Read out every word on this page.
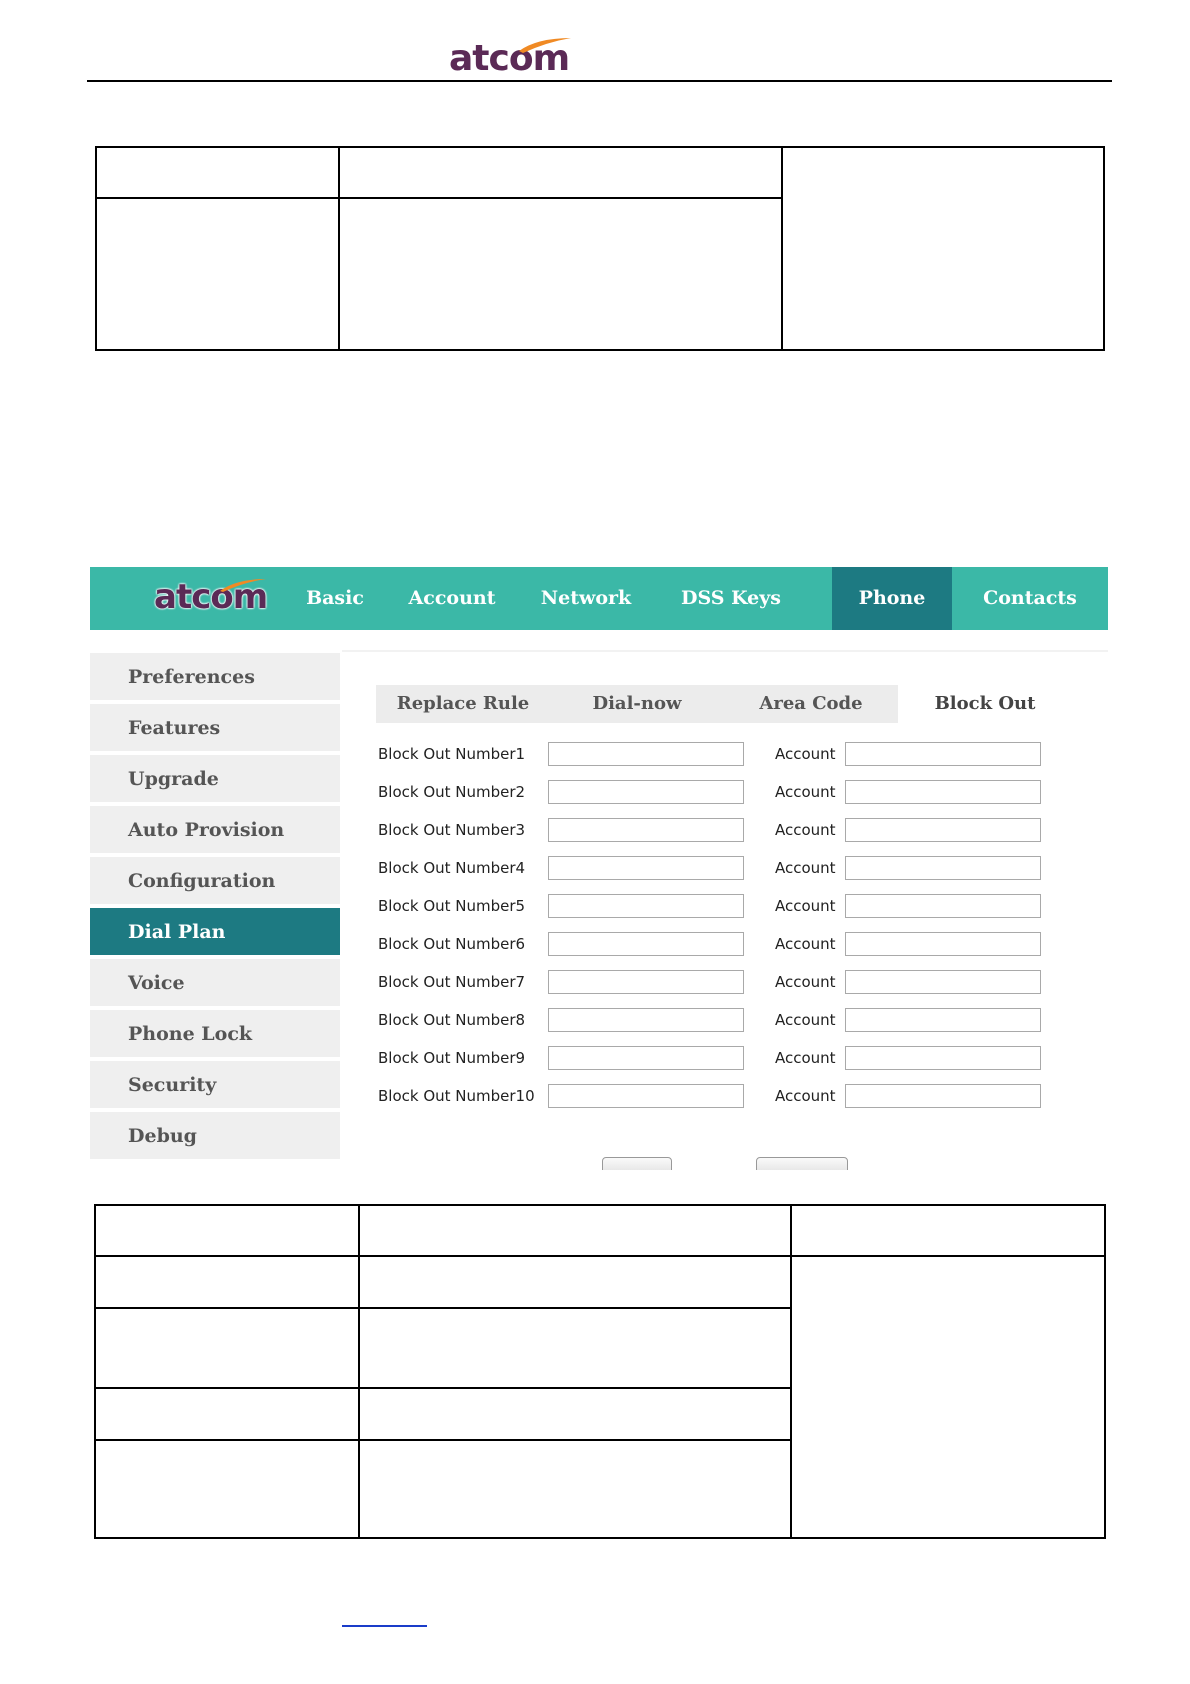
atcom
atcom	Basic	Account	Network	DSS Keys	Phone	Contacts
Preferences
Features
Upgrade
Auto Provision
Configuration
Dial Plan
Voice
Phone Lock
Security
Debug
Replace Rule	Dial-now	Area Code	Block Out
Block Out Number1	Account
Block Out Number2	Account
Block Out Number3	Account
Block Out Number4	Account
Block Out Number5	Account
Block Out Number6	Account
Block Out Number7	Account
Block Out Number8	Account
Block Out Number9	Account
Block Out Number10	Account
